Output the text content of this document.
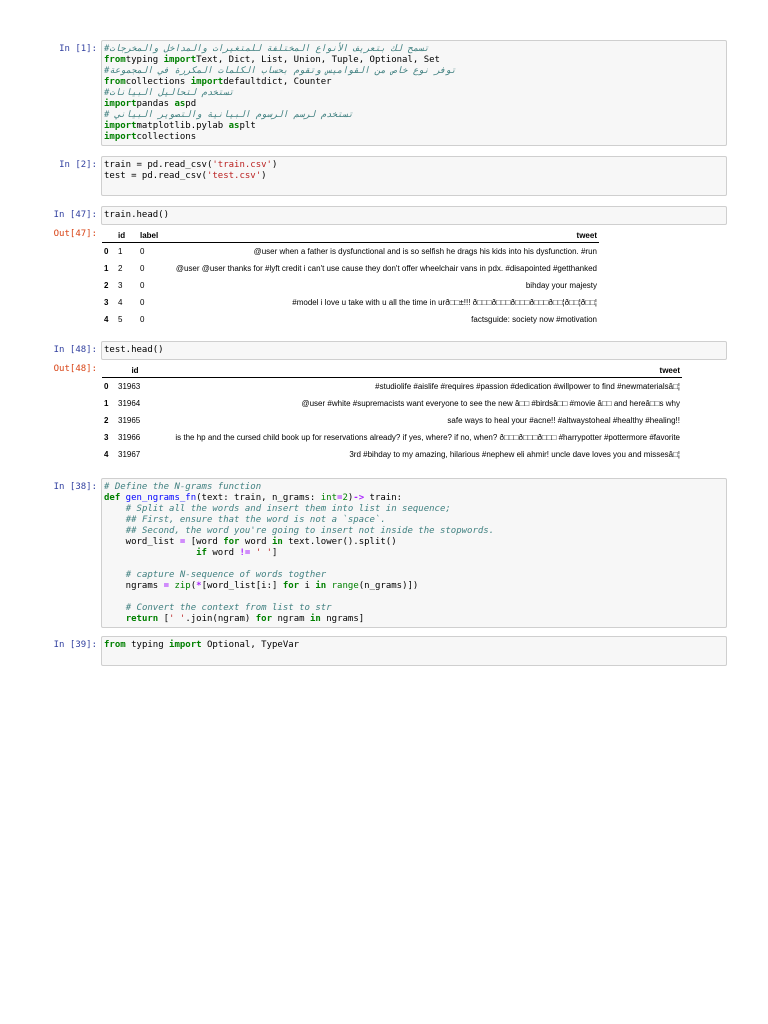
In [1]: تسمح لك بتعريف الأنواع المختلفة للمتغيرات والمداخل والمخرجات#
fromtyping importText, Dict, List, Union, Tuple, Optional, Set
توفر نوع خاص من القواميس وتقوم بحساب الكلمات المكررة في المجموعة#
fromcollections importdefaultdict, Counter
تستخدم لتحاليل البيانات#
importpandas aspd
تستخدم لرسم الرسوم البيانية والتصوير البياني #
importmatplotlib.pylab asplt
importcollections
In [2]: train = pd.read_csv('train.csv')
test = pd.read_csv('test.csv')
In [47]: train.head()
Out[47]:
		id	label	tweet
0	1	0	@user when a father is dysfunctional and is so selfish he drags his kids into his dysfunction. #run
1	2	0	@user @user thanks for #lyft credit i can't use cause they don't offer wheelchair vans in pdx. #disapointed #getthanked
2	3	0	bihday your majesty
3	4	0	#model i love u take with u all the time in urð□□±!!! ð□□□ð□□□ð□□□ð□□□ð□□¦ð□□¦ð□□¦
4	5	0	factsguide: society now #motivation
In [48]: test.head()
Out[48]:
		id	tweet
0	31963	#studiolife #aislife #requires #passion #dedication #willpower to find #newmaterialsâ□¦
1	31964	@user #white #supremacists want everyone to see the new â□□ #birdsâ□□ #movie â□□ and hereâ□□s why
2	31965	safe ways to heal your #acne!! #altwaystoheal #healthy #healing!!
3	31966	is the hp and the cursed child book up for reservations already? if yes, where? if no, when? ð□□□ð□□□ð□□□ #harrypotter #pottermore #favorite
4	31967	3rd #bihday to my amazing, hilarious #nephew eli ahmir! uncle dave loves you and missesâ□¦
In [38]: # Define the N-grams function
def gen_ngrams_fn(text: train, n_grams: int=2)-> train:
# Split all the words and insert them into list in sequence;
## First, ensure that the word is not a `space`.
## Second, the word you're going to insert not inside the stopwords.
word_list = [word for word in text.lower().split()
if word != ' ']
# capture N-sequence of words togther
ngrams = zip(*[word_list[i:] for i in range(n_grams)])
# Convert the context from list to str
return [' '.join(ngram) for ngram in ngrams]
In [39]: from typing import Optional, TypeVar
